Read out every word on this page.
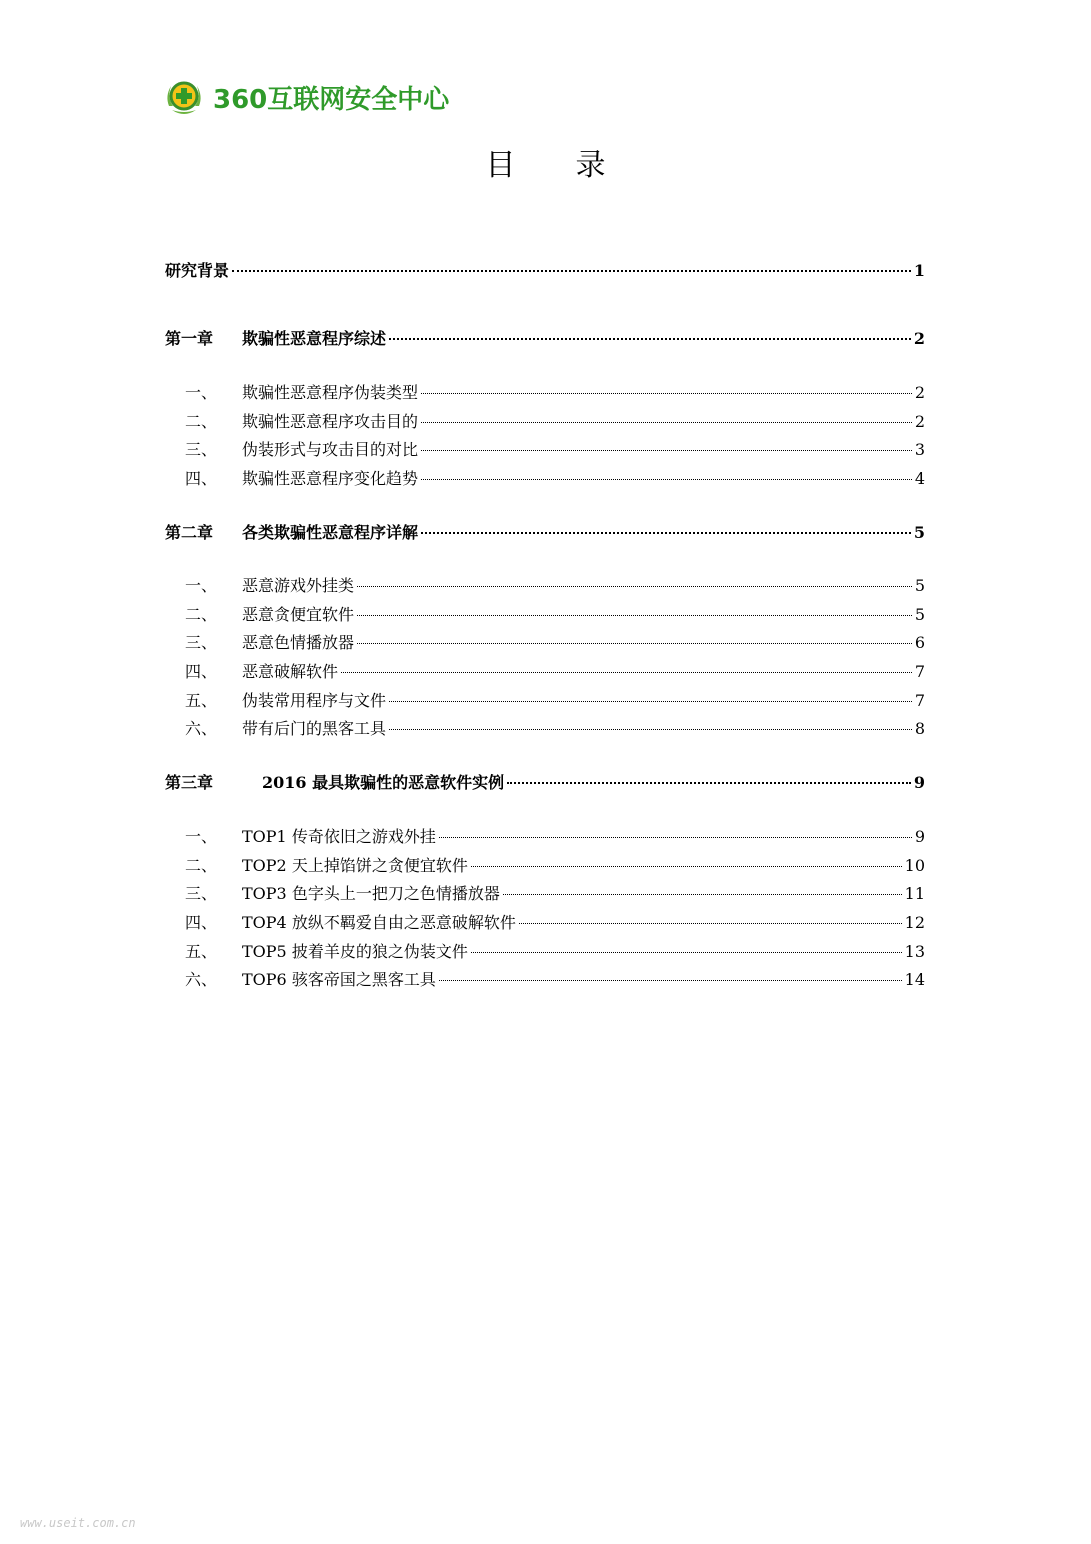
360互联网安全中心
目录
研究背景	1
第一章	欺骗性恶意程序综述	2
一、	欺骗性恶意程序伪装类型	2
二、	欺骗性恶意程序攻击目的	2
三、	伪装形式与攻击目的对比	3
四、	欺骗性恶意程序变化趋势	4
第二章	各类欺骗性恶意程序详解	5
一、	恶意游戏外挂类	5
二、	恶意贪便宜软件	5
三、	恶意色情播放器	6
四、	恶意破解软件	7
五、	伪装常用程序与文件	7
六、	带有后门的黑客工具	8
第三章	2016 最具欺骗性的恶意软件实例	9
一、	TOP1 传奇依旧之游戏外挂	9
二、	TOP2 天上掉馅饼之贪便宜软件	10
三、	TOP3 色字头上一把刀之色情播放器	11
四、	TOP4 放纵不羁爱自由之恶意破解软件	12
五、	TOP5 披着羊皮的狼之伪装文件	13
六、	TOP6 骇客帝国之黑客工具	14
www.useit.com.cn
